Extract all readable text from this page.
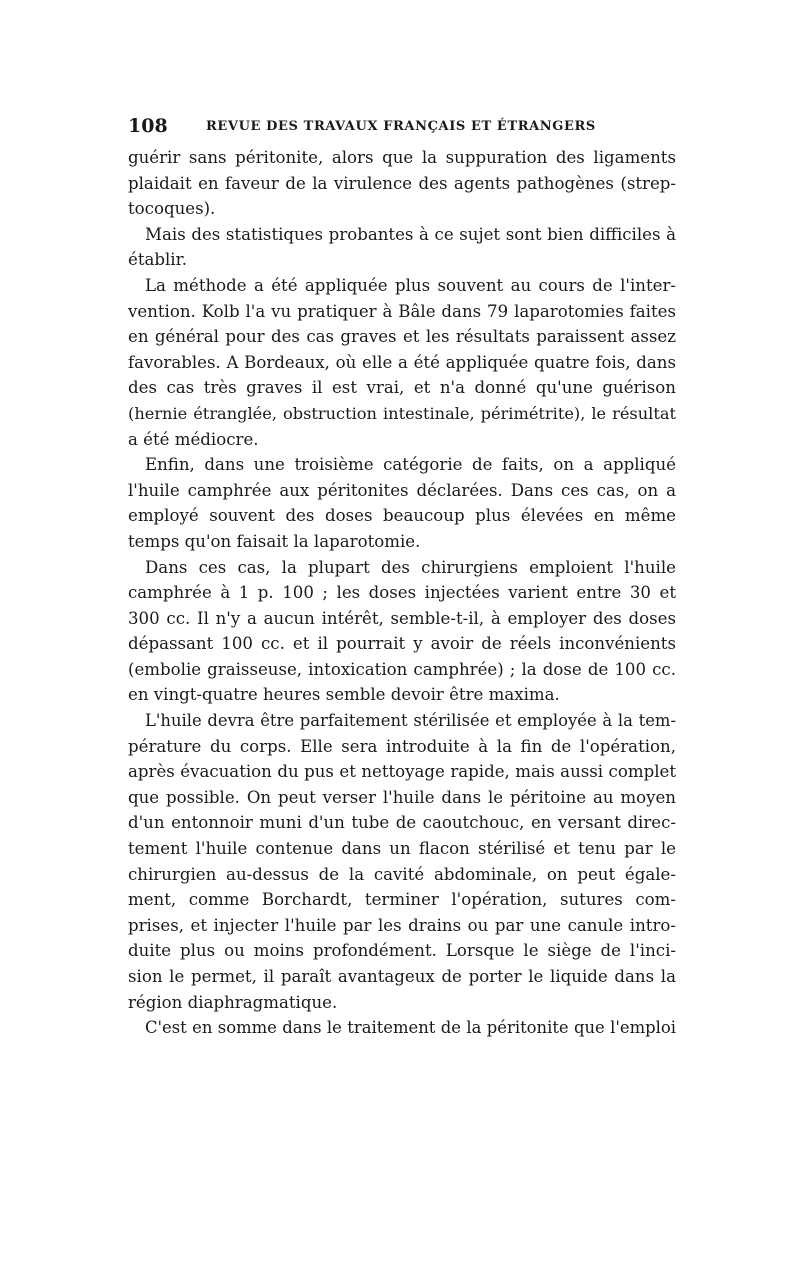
108	REVUE DES TRAVAUX FRANÇAIS ET ÉTRANGERS
guérir sans péritonite, alors que la suppuration des ligaments
plaidait en faveur de la virulence des agents pathogènes (strep-
tocoques).
Mais des statistiques probantes à ce sujet sont bien difficiles à
établir.
La méthode a été appliquée plus souvent au cours de l'inter-
vention. Kolb l'a vu pratiquer à Bâle dans 79 laparotomies faites
en général pour des cas graves et les résultats paraissent assez
favorables. A Bordeaux, où elle a été appliquée quatre fois, dans
des cas très graves il est vrai, et n'a donné qu'une guérison
(hernie étranglée, obstruction intestinale, périmétrite), le résultat
a été médiocre.
Enfin, dans une troisième catégorie de faits, on a appliqué
l'huile camphrée aux péritonites déclarées. Dans ces cas, on a
employé souvent des doses beaucoup plus élevées en même
temps qu'on faisait la laparotomie.
Dans ces cas, la plupart des chirurgiens emploient l'huile
camphrée à 1 p. 100 ; les doses injectées varient entre 30 et
300 cc. Il n'y a aucun intérêt, semble-t-il, à employer des doses
dépassant 100 cc. et il pourrait y avoir de réels inconvénients
(embolie graisseuse, intoxication camphrée) ; la dose de 100 cc.
en vingt-quatre heures semble devoir être maxima.
L'huile devra être parfaitement stérilisée et employée à la tem-
pérature du corps. Elle sera introduite à la fin de l'opération,
après évacuation du pus et nettoyage rapide, mais aussi complet
que possible. On peut verser l'huile dans le péritoine au moyen
d'un entonnoir muni d'un tube de caoutchouc, en versant direc-
tement l'huile contenue dans un flacon stérilisé et tenu par le
chirurgien au-dessus de la cavité abdominale, on peut égale-
ment, comme Borchardt, terminer l'opération, sutures com-
prises, et injecter l'huile par les drains ou par une canule intro-
duite plus ou moins profondément. Lorsque le siège de l'inci-
sion le permet, il paraît avantageux de porter le liquide dans la
région diaphragmatique.
C'est en somme dans le traitement de la péritonite que l'emploi
